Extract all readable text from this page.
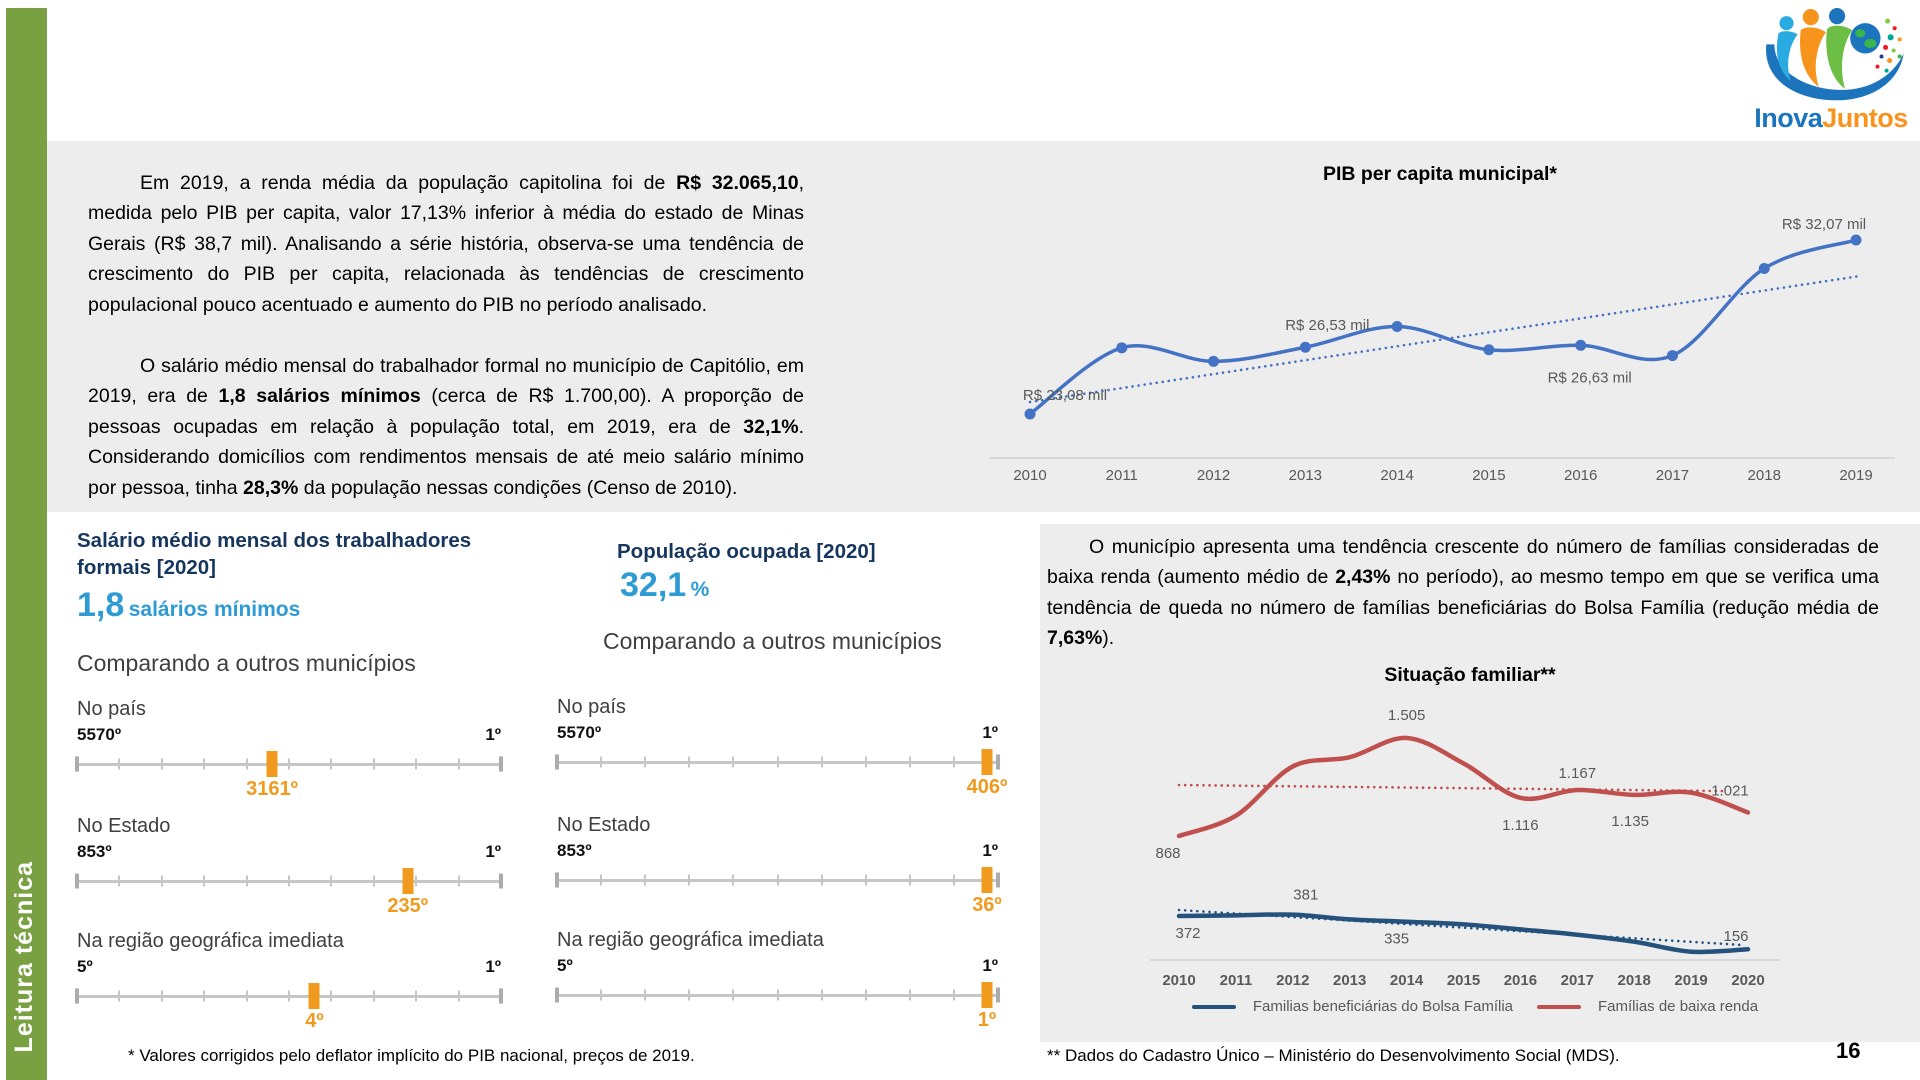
Leitura técnica
InovaJuntos

Em 2019, a renda média da população capitolina foi de R$ 32.065,10, medida pelo PIB per capita, valor 17,13% inferior à média do estado de Minas Gerais (R$ 38,7 mil). Analisando a série história, observa-se uma tendência de crescimento do PIB per capita, relacionada às tendências de crescimento populacional pouco acentuado e aumento do PIB no período analisado.

O salário médio mensal do trabalhador formal no município de Capitólio, em 2019, era de 1,8 salários mínimos (cerca de R$ 1.700,00). A proporção de pessoas ocupadas em relação à população total, em 2019, era de 32,1%. Considerando domicílios com rendimentos mensais de até meio salário mínimo por pessoa, tinha 28,3% da população nessas condições (Censo de 2010).

PIB per capita municipal*
R$ 23,08 mil
R$ 26,53 mil
R$ 26,63 mil
R$ 32,07 mil
2010	2011	2012	2013	2014	2015	2016	2017	2018	2019
Salário médio mensal dos trabalhadores
formais [2020]
1,8 salários mínimos
Comparando a outros municípios
No país
5570º	1º
3161º
No Estado
853º	1º
235º
Na região geográfica imediata
5º	1º
4º
População ocupada [2020]
32,1 %
Comparando a outros municípios
No país
5570º	1º
406º
No Estado
853º	1º
36º
Na região geográfica imediata
5º	1º
1º

O município apresenta uma tendência crescente do número de famílias consideradas de baixa renda (aumento médio de 2,43% no período), ao mesmo tempo em que se verifica uma tendência de queda no número de famílias beneficiárias do Bolsa Família (redução média de 7,63%).

Situação familiar**
868
1.505
1.116
1.167
1.135
1.021
372
381
335	156
2010 2011 2012 2013 2014 2015 2016 2017 2018 2019 2020
Familias beneficiárias do Bolsa Família	Famílias de baixa renda
* Valores corrigidos pelo deflator implícito do PIB nacional, preços de 2019.	** Dados do Cadastro Único – Ministério do Desenvolvimento Social (MDS).	16
